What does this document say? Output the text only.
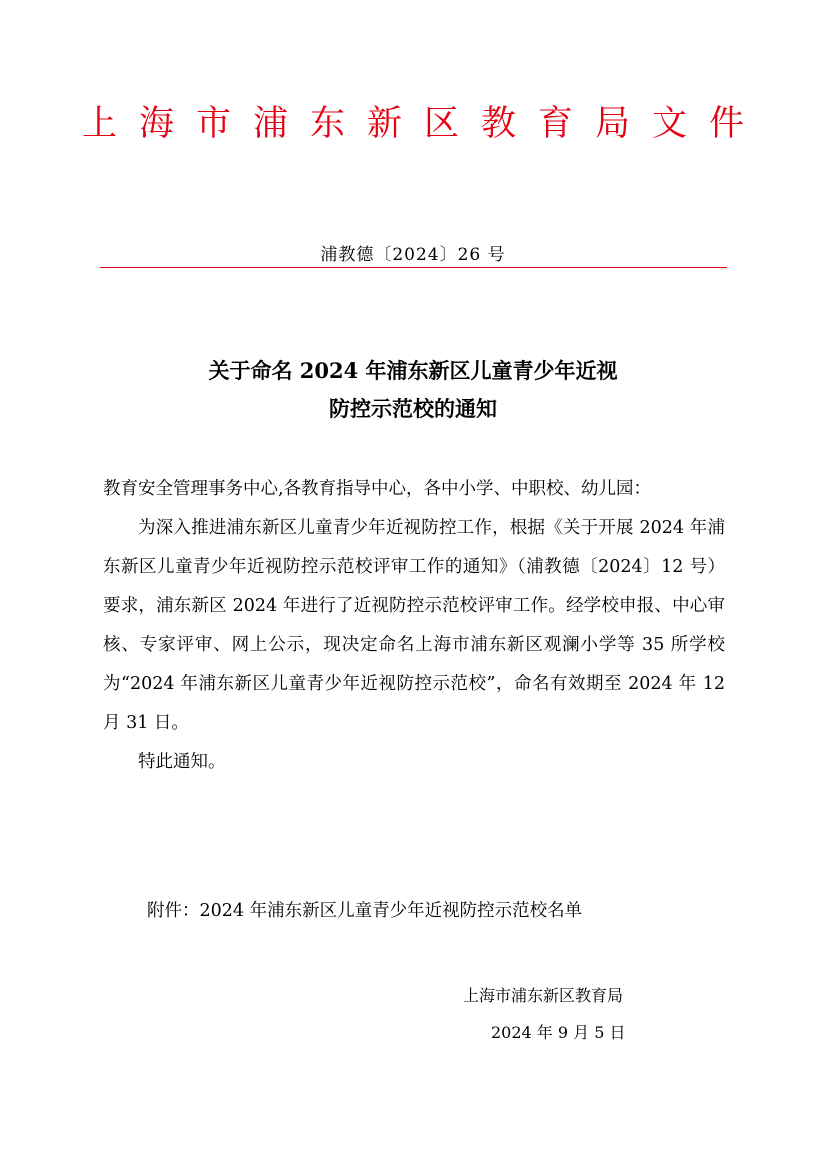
上海市浦东新区教育局文件
浦教德〔2024〕26 号
关于命名 2024 年浦东新区儿童青少年近视
防控示范校的通知

教育安全管理事务中心,各教育指导中心，各中小学、中职校、幼儿园：

为深入推进浦东新区儿童青少年近视防控工作，根据《关于开展 2024 年浦东新区儿童青少年近视防控示范校评审工作的通知》（浦教德〔2024〕12 号）要求，浦东新区 2024 年进行了近视防控示范校评审工作。经学校申报、中心审核、专家评审、网上公示，现决定命名上海市浦东新区观澜小学等 35 所学校为“2024 年浦东新区儿童青少年近视防控示范校”，命名有效期至 2024 年 12 月 31 日。

特此通知。

附件：2024 年浦东新区儿童青少年近视防控示范校名单
上海市浦东新区教育局
2024 年 9 月 5 日
